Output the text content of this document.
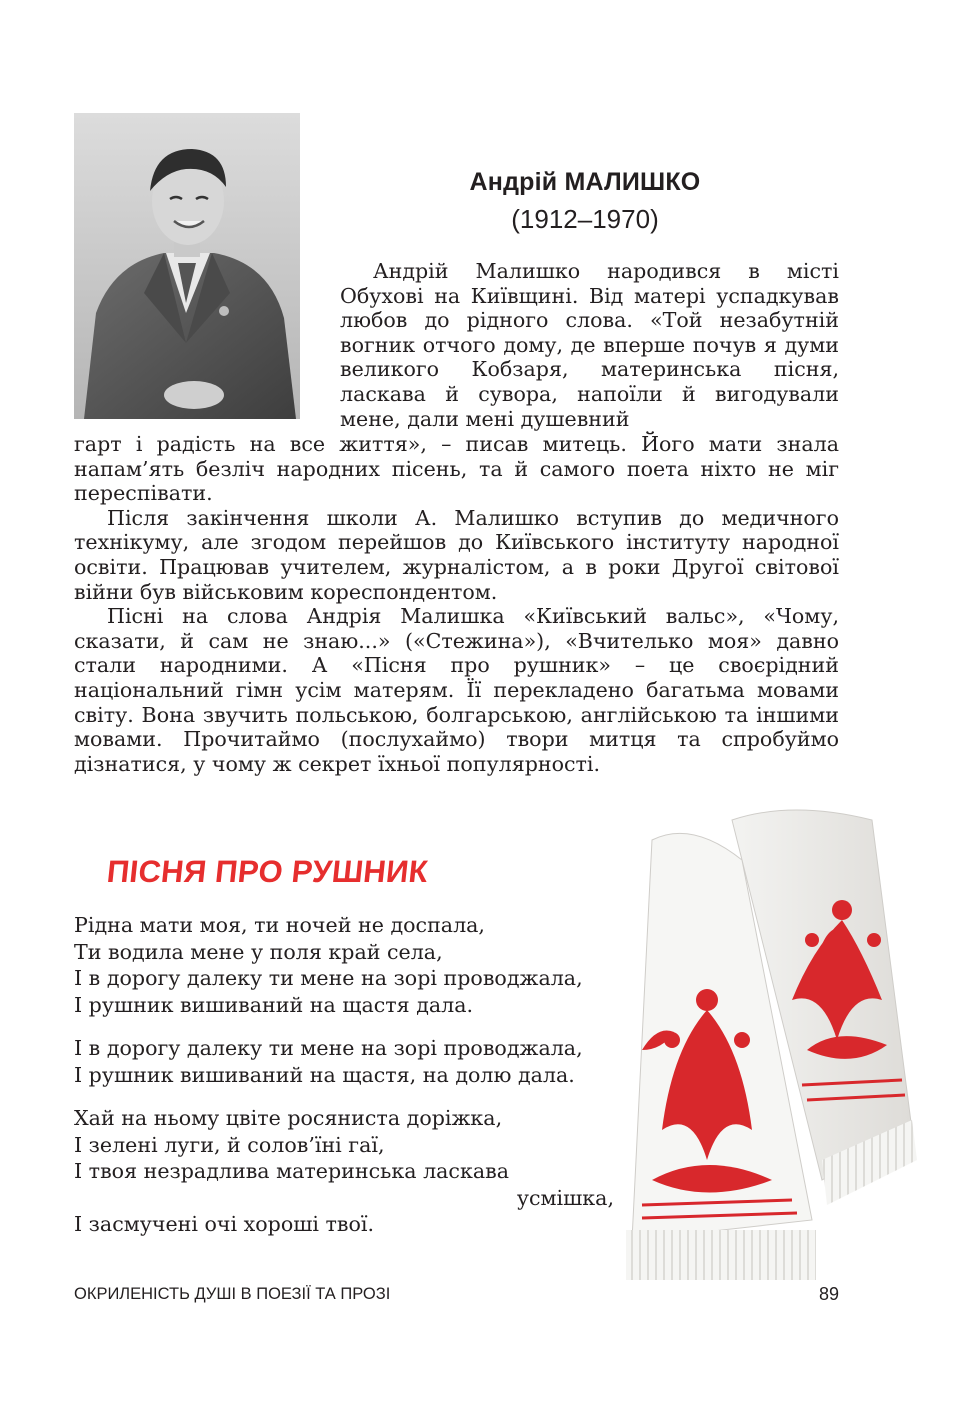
Андрій МАЛИШКО
(1912–1970)

Андрій Малишко народився в місті Обухові на Київщині. Від матері успадкував любов до рідного слова. «Той незабутній вогник отчого дому, де вперше почув я думи великого Кобзаря, материнська пісня, ласкава й сувора, напоїли й вигодували мене, дали мені душевний

гарт і радість на все життя», – писав митець. Його мати знала напам’ять безліч народних пісень, та й самого поета ніхто не міг переспівати.

Після закінчення школи А. Малишко вступив до медичного технікуму, але згодом перейшов до Київського інституту народної освіти. Працював учителем, журналістом, а в роки Другої світової війни був військовим кореспондентом.

Пісні на слова Андрія Малишка «Київський вальс», «Чому, сказати, й сам не знаю...» («Стежина»), «Вчителько моя» давно стали народними. А «Пісня про рушник» – це своєрідний національний гімн усім матерям. Її перекладено багатьма мовами світу. Вона звучить польською, болгарською, англійською та іншими мовами. Прочитаймо (послухаймо) твори митця та спробуймо дізнатися, у чому ж секрет їхньої популярності.

ПІСНЯ ПРО РУШНИК
Рідна мати моя, ти ночей не доспала,
Ти водила мене у поля край села,
І в дорогу далеку ти мене на зорі проводжала,
І рушник вишиваний на щастя дала.
І в дорогу далеку ти мене на зорі проводжала,
І рушник вишиваний на щастя, на долю дала.
Хай на ньому цвіте росяниста доріжка,
І зелені луги, й солов’їні гаї,
І твоя незрадлива материнська ласкава
усмішка,
І засмучені очі хороші твої.
ОКРИЛЕНІСТЬ ДУШІ В ПОЕЗІЇ ТА ПРОЗІ	89
